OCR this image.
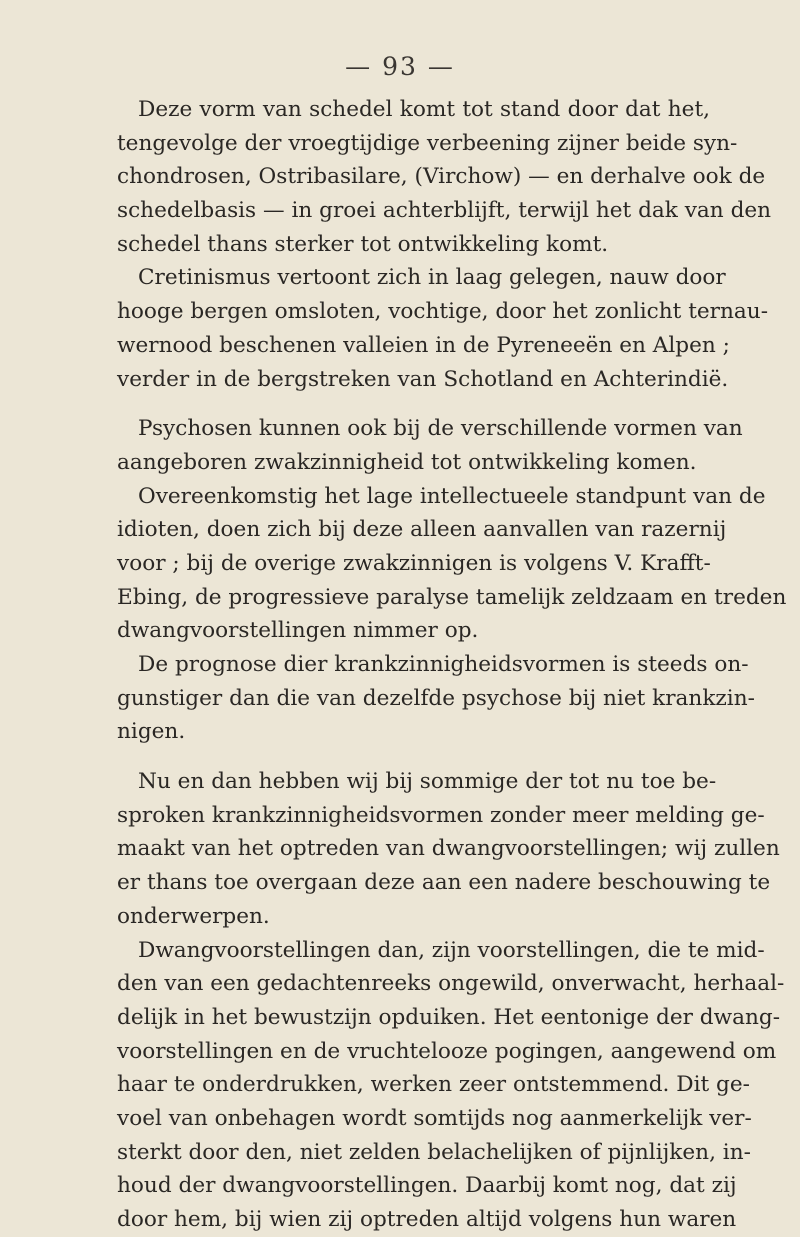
— 93 —
Deze vorm van schedel komt tot stand door dat het,
tengevolge der vroegtijdige verbeening zijner beide syn-
chondrosen, Ostribasilare, (Virchow) — en derhalve ook de
schedelbasis — in groei achterblijft, terwijl het dak van den
schedel thans sterker tot ontwikkeling komt.
Cretinismus vertoont zich in laag gelegen, nauw door
hooge bergen omsloten, vochtige, door het zonlicht ternau-
wernood beschenen valleien in de Pyreneeën en Alpen ;
verder in de bergstreken van Schotland en Achterindië.
Psychosen kunnen ook bij de verschillende vormen van
aangeboren zwakzinnigheid tot ontwikkeling komen.
Overeenkomstig het lage intellectueele standpunt van de
idioten, doen zich bij deze alleen aanvallen van razernij
voor ; bij de overige zwakzinnigen is volgens V. Krafft-
Ebing, de progressieve paralyse tamelijk zeldzaam en treden
dwangvoorstellingen nimmer op.
De prognose dier krankzinnigheidsvormen is steeds on-
gunstiger dan die van dezelfde psychose bij niet krankzin-
nigen.
Nu en dan hebben wij bij sommige der tot nu toe be-
sproken krankzinnigheidsvormen zonder meer melding ge-
maakt van het optreden van dwangvoorstellingen; wij zullen
er thans toe overgaan deze aan een nadere beschouwing te
onderwerpen.
Dwangvoorstellingen dan, zijn voorstellingen, die te mid-
den van een gedachtenreeks ongewild, onverwacht, herhaal-
delijk in het bewustzijn opduiken. Het eentonige der dwang-
voorstellingen en de vruchtelooze pogingen, aangewend om
haar te onderdrukken, werken zeer ontstemmend. Dit ge-
voel van onbehagen wordt somtijds nog aanmerkelijk ver-
sterkt door den, niet zelden belachelijken of pijnlijken, in-
houd der dwangvoorstellingen. Daarbij komt nog, dat zij
door hem, bij wien zij optreden altijd volgens hun waren
